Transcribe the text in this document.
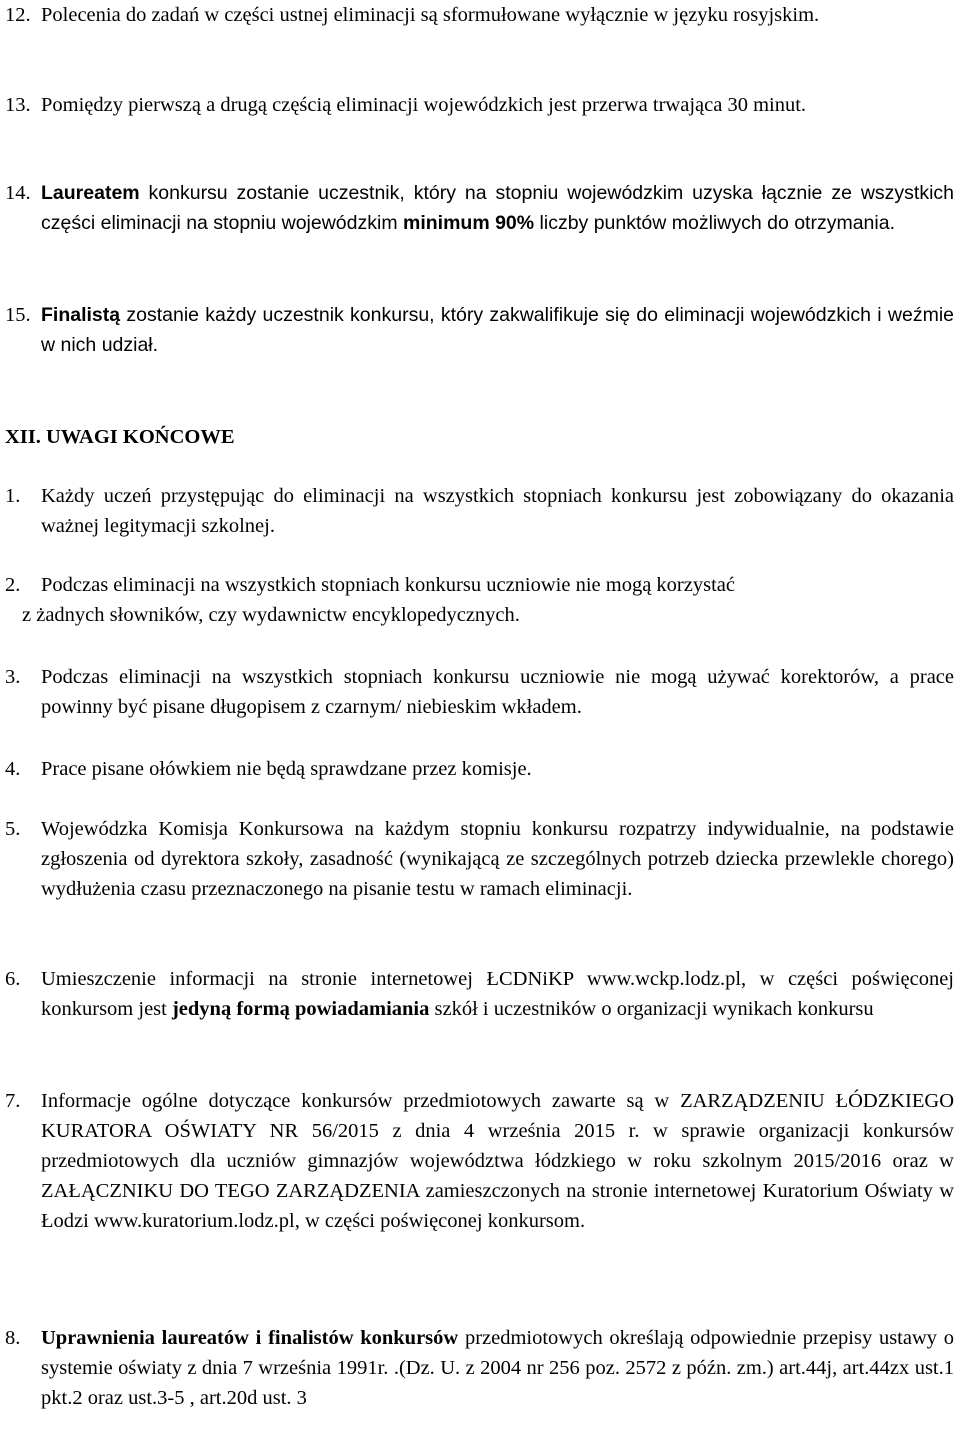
12. Polecenia do zadań w części ustnej eliminacji są sformułowane wyłącznie w języku rosyjskim.
13. Pomiędzy pierwszą a drugą częścią eliminacji wojewódzkich jest przerwa trwająca 30 minut.
14. Laureatem konkursu zostanie uczestnik, który na stopniu wojewódzkim uzyska łącznie ze wszystkich części eliminacji na stopniu wojewódzkim minimum 90% liczby punktów możliwych do otrzymania.
15. Finalistą zostanie każdy uczestnik konkursu, który zakwalifikuje się do eliminacji wojewódzkich i weźmie w nich udział.
XII. UWAGI KOŃCOWE
1.	Każdy uczeń przystępując do eliminacji na wszystkich stopniach konkursu jest zobowiązany do okazania ważnej legitymacji szkolnej.
2.	Podczas eliminacji na wszystkich stopniach konkursu uczniowie nie mogą korzystać
z żadnych słowników, czy wydawnictw encyklopedycznych.
3.	Podczas eliminacji na wszystkich stopniach konkursu uczniowie nie mogą używać korektorów, a prace powinny być pisane długopisem z czarnym/ niebieskim wkładem.
4.	Prace pisane ołówkiem nie będą sprawdzane przez komisje.
5.	Wojewódzka Komisja Konkursowa na każdym stopniu konkursu rozpatrzy indywidualnie, na podstawie zgłoszenia od dyrektora szkoły, zasadność (wynikającą ze szczególnych potrzeb dziecka przewlekle chorego) wydłużenia czasu przeznaczonego na pisanie testu w ramach eliminacji.
6.	Umieszczenie informacji na stronie internetowej ŁCDNiKP www.wckp.lodz.pl, w części poświęconej konkursom jest jedyną formą powiadamiania szkół i uczestników o organizacji wynikach konkursu
7.	Informacje ogólne dotyczące konkursów przedmiotowych zawarte są w ZARZĄDZENIU ŁÓDZKIEGO KURATORA OŚWIATY NR 56/2015 z dnia 4 września 2015 r. w sprawie organizacji konkursów przedmiotowych dla uczniów gimnazjów województwa łódzkiego w roku szkolnym 2015/2016 oraz w ZAŁĄCZNIKU DO TEGO ZARZĄDZENIA zamieszczonych na stronie internetowej Kuratorium Oświaty w Łodzi www.kuratorium.lodz.pl, w części poświęconej konkursom.
8.	Uprawnienia laureatów i finalistów konkursów przedmiotowych określają odpowiednie przepisy ustawy o systemie oświaty z dnia 7 września 1991r. .(Dz. U. z 2004 nr 256 poz. 2572 z późn. zm.) art.44j, art.44zx ust.1 pkt.2 oraz ust.3-5 , art.20d ust. 3
